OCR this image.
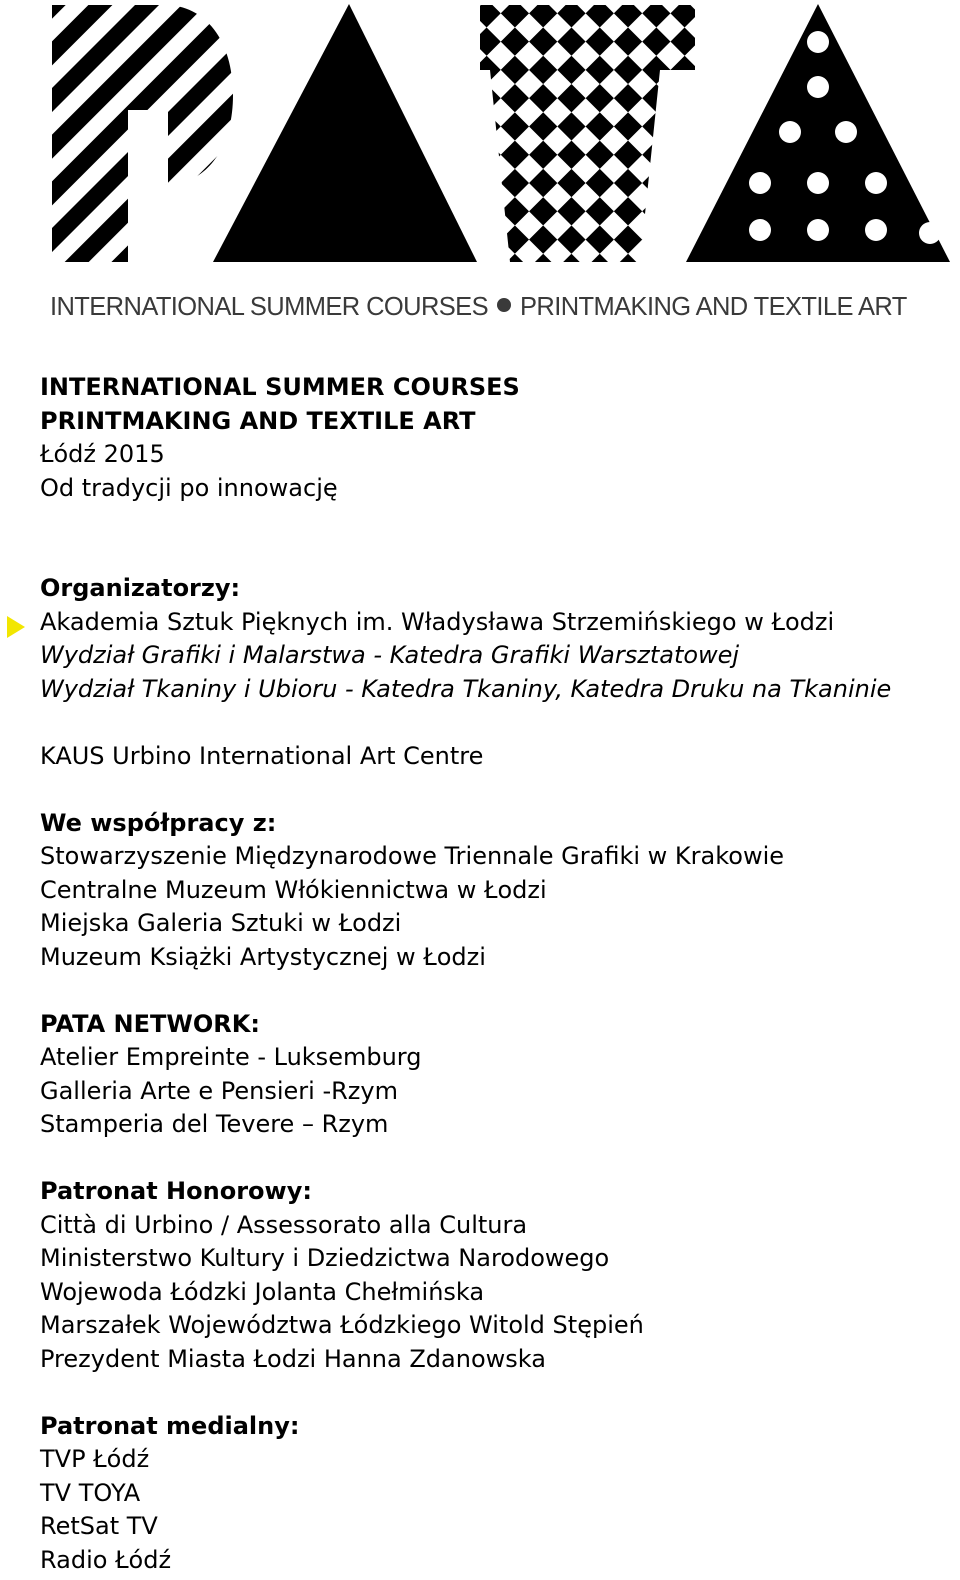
INTERNATIONAL SUMMER COURSES PRINTMAKING AND TEXTILE ART
INTERNATIONAL SUMMER COURSES
PRINTMAKING AND TEXTILE ART
Łódź 2015
Od tradycji po innowację
Organizatorzy:
Akademia Sztuk Pięknych im. Władysława Strzemińskiego w Łodzi
Wydział Grafiki i Malarstwa - Katedra Grafiki Warsztatowej
Wydział Tkaniny i Ubioru - Katedra Tkaniny, Katedra Druku na Tkaninie
KAUS Urbino International Art Centre
We współpracy z:
Stowarzyszenie Międzynarodowe Triennale Grafiki w Krakowie
Centralne Muzeum Włókiennictwa w Łodzi
Miejska Galeria Sztuki w Łodzi
Muzeum Książki Artystycznej w Łodzi
PATA NETWORK:
Atelier Empreinte - Luksemburg
Galleria Arte e Pensieri -Rzym
Stamperia del Tevere – Rzym
Patronat Honorowy:
Città di Urbino / Assessorato alla Cultura
Ministerstwo Kultury i Dziedzictwa Narodowego
Wojewoda Łódzki Jolanta Chełmińska
Marszałek Województwa Łódzkiego Witold Stępień
Prezydent Miasta Łodzi Hanna Zdanowska
Patronat medialny:
TVP Łódź
TV TOYA
RetSat TV
Radio Łódź
